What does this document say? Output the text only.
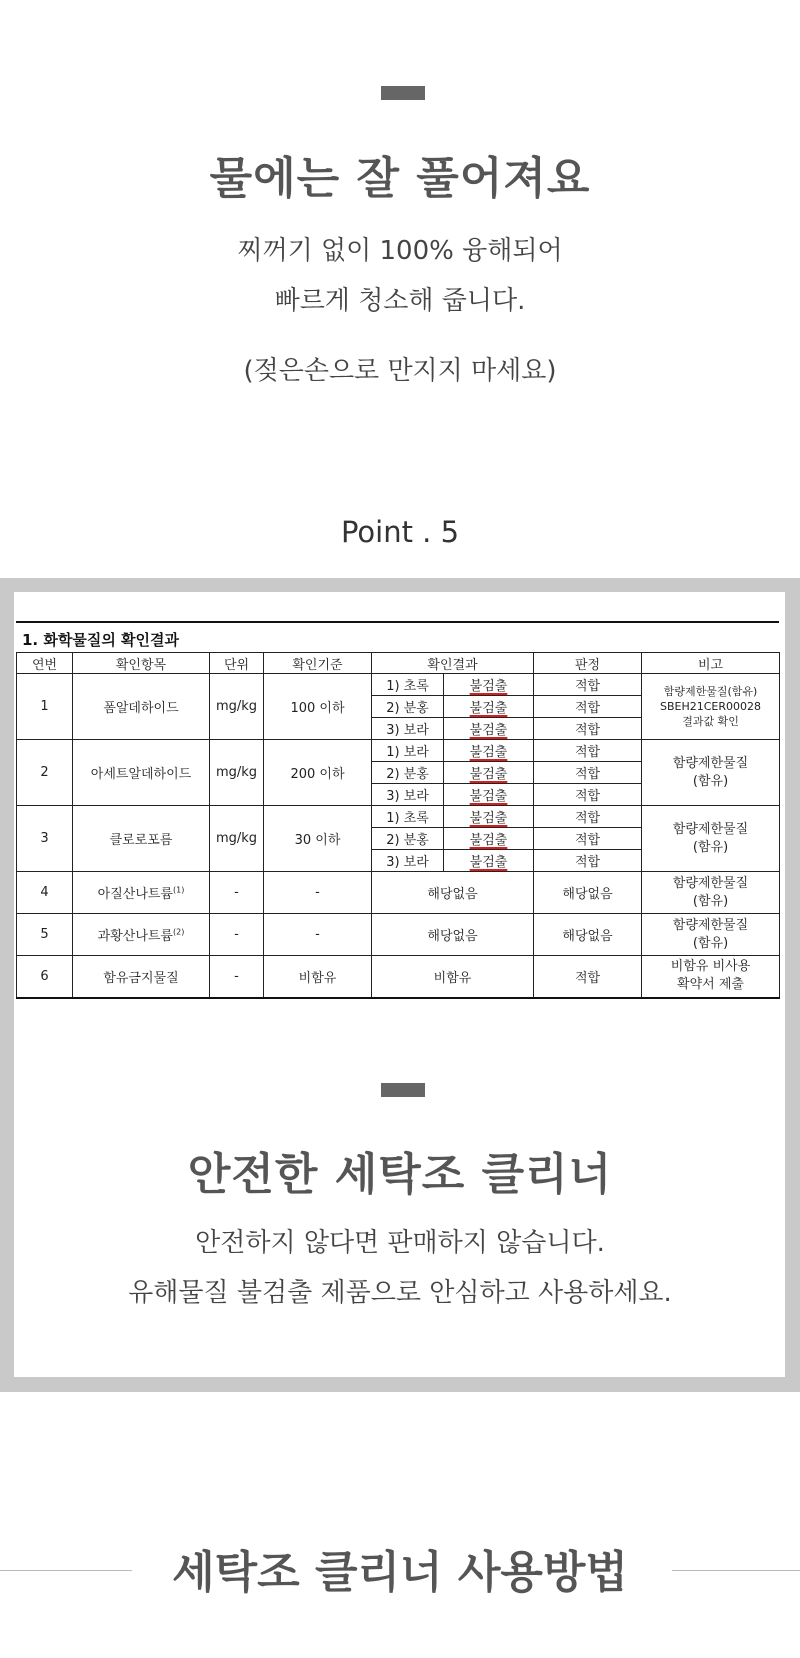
물에는 잘 풀어져요
찌꺼기 없이 100% 융해되어
빠르게 청소해 줍니다.
(젖은손으로 만지지 마세요)
Point . 5
1. 화학물질의 확인결과
연번	확인항목	단위	확인기준	확인결과		판정	비고
1	폼알데하이드	mg/kg	100 이하	1) 초록	불검출	적합	함량제한물질(함유)
SBEH21CER00028
결과값 확인

				2) 분홍	불검출	적합	
				3) 보라	불검출	적합	
2	아세트알데하이드	mg/kg	200 이하	1) 보라	불검출	적합	함량제한물질
(함유)

				2) 분홍	불검출	적합	
				3) 보라	불검출	적합	
3	클로로포름	mg/kg	30 이하	1) 초록	불검출	적합	함량제한물질
(함유)

				2) 분홍	불검출	적합	
				3) 보라	불검출	적합	
4	아질산나트륨$^{(1)}$	-	-	해당없음		해당없음	함량제한물질
(함유)

5	과황산나트륨$^{(2)}$	-	-	해당없음		해당없음	함량제한물질
(함유)

6	함유금지물질	-	비함유	비함유		적합	비함유 비사용
확약서 제출
안전한 세탁조 클리너
안전하지 않다면 판매하지 않습니다.
유해물질 불검출 제품으로 안심하고 사용하세요.
세탁조 클리너 사용방법
